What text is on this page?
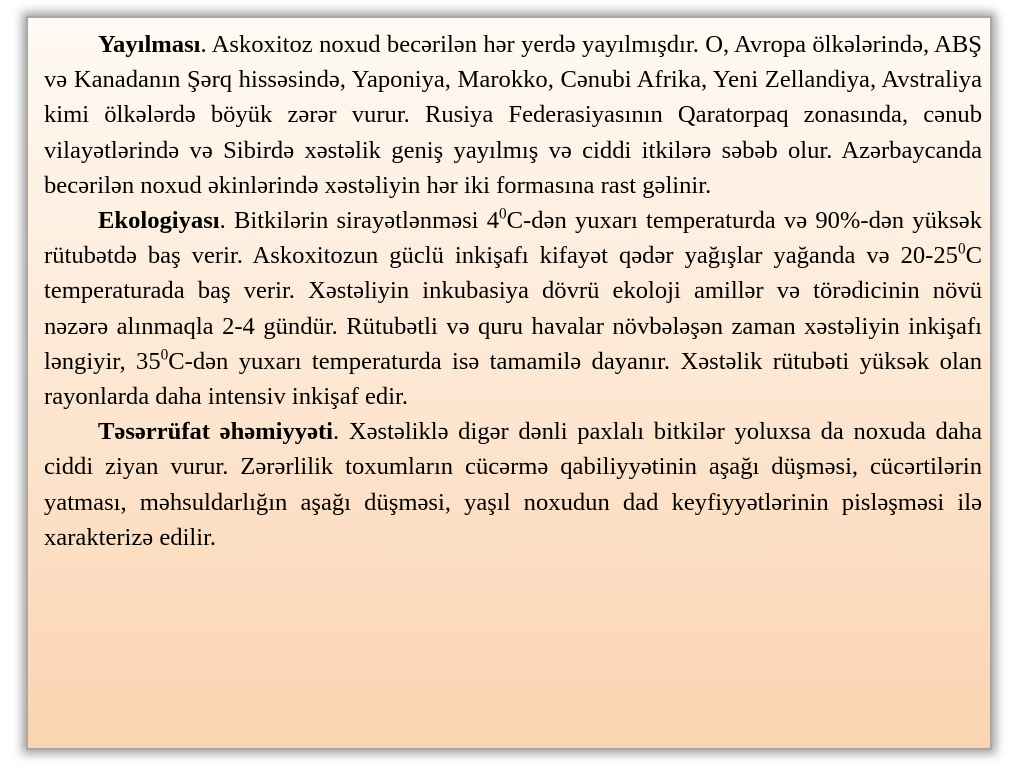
Yayılması. Askoxitoz noxud becərilən hər yerdə yayılmışdır. O, Avropa ölkələrində, ABŞ və Kanadanın Şərq hissəsində, Yaponiya, Marokko, Cənubi Afrika, Yeni Zellandiya, Avstraliya kimi ölkələrdə böyük zərər vurur. Rusiya Federasiyasının Qaratorpaq zonasında, cənub vilayətlərində və Sibirdə xəstəlik geniş yayılmış və ciddi itkilərə səbəb olur. Azərbaycanda becərilən noxud əkinlərində xəstəliyin hər iki formasına rast gəlinir.

Ekologiyası. Bitkilərin sirayətlənməsi $4^0C$-dən yuxarı temperaturda və 90%-dən yüksək rütubətdə baş verir. Askoxitozun güclü inkişafı kifayət qədər yağışlar yağanda və $20-25^0C$ temperaturada baş verir. Xəstəliyin inkubasiya dövrü ekoloji amillər və törədicinin növü nəzərə alınmaqla 2-4 gündür. Rütubətli və quru havalar növbələşən zaman xəstəliyin inkişafı ləngiyir, $35^0C$-dən yuxarı temperaturda isə tamamilə dayanır. Xəstəlik rütubəti yüksək olan rayonlarda daha intensiv inkişaf edir.

Təsərrüfat əhəmiyyəti. Xəstəliklə digər dənli paxlalı bitkilər yoluxsa da noxuda daha ciddi ziyan vurur. Zərərlilik toxumların cücərmə qabiliyyətinin aşağı düşməsi, cücərtilərin yatması, məhsuldarlığın aşağı düşməsi, yaşıl noxudun dad keyfiyyətlərinin pisləşməsi ilə xarakterizə edilir.
